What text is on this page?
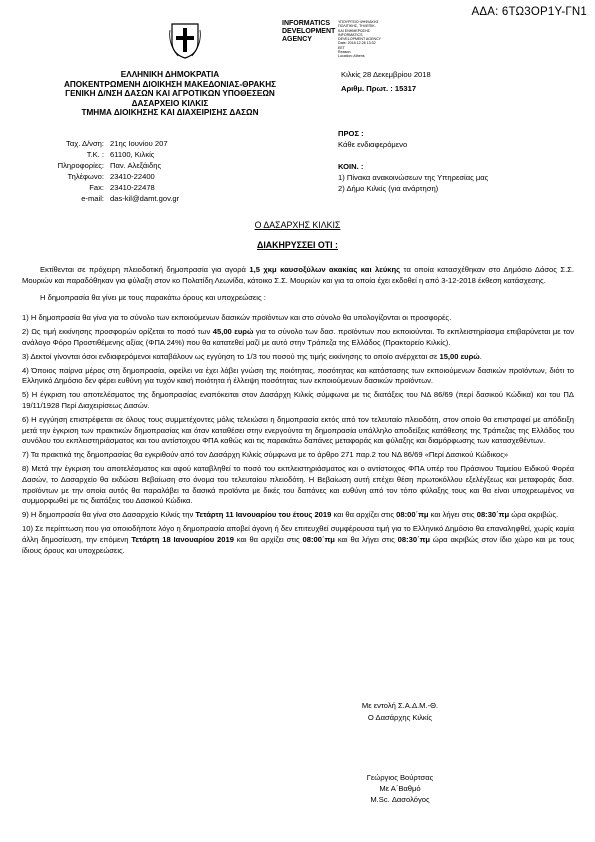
ΑΔΑ: 6ΤΩ3ΟΡ1Υ-ΓΝ1
INFORMATICS
DEVELOPMENT
AGENCY
ΥΠΟΥΡΓΕΙΟ ΨΗΦΙΑΚΗΣ
ΠΟΛΙΤΙΚΗΣ, ΤΗΛΕΠΙΚ.
ΚΑΙ ΕΝΗΜΕΡΩΣΗΣ
INFORMATICS
DEVELOPMENT AGENCY
Date: 2018.12.28 13:32
EET
Reason:
Location: Athens
ΕΛΛΗΝΙΚΗ ΔΗΜΟΚΡΑΤΙΑ
ΑΠΟΚΕΝΤΡΩΜΕΝΗ ΔΙΟΙΚΗΣΗ ΜΑΚΕΔΟΝΙΑΣ-ΘΡΑΚΗΣ
ΓΕΝΙΚΗ Δ/ΝΣΗ ΔΑΣΩΝ ΚΑΙ ΑΓΡΟΤΙΚΩΝ ΥΠΟΘΕΣΕΩΝ
ΔΑΣΑΡΧΕΙΟ ΚΙΛΚΙΣ
ΤΜΗΜΑ ΔΙΟΙΚΗΣΗΣ ΚΑΙ ΔΙΑΧΕΙΡΙΣΗΣ ΔΑΣΩΝ
Κιλκίς 28 Δεκεμβρίου 2018
Αριθμ. Πρωτ. : 15317
Ταχ. Δ/νση: 21ης Ιουνίου 207
Τ.Κ. : 61100, Κιλκίς
Πληροφορίες: Παν. Αλεξάιδης
Τηλέφωνο: 23410-22400
Fax: 23410-22478
e-mail: das-kil@damt.gov.gr
ΠΡΟΣ :
Κάθε ενδιαφερόμενο
ΚΟΙΝ. :
1) Πίνακα ανακοινώσεων της Υπηρεσίας μας
2) Δήμο Κιλκίς (για ανάρτηση)
Ο ΔΑΣΑΡΧΗΣ ΚΙΛΚΙΣ
ΔΙΑΚΗΡΥΣΣΕΙ ΟΤΙ :

Εκτίθενται σε πρόχειρη πλειοδοτική δημοπρασία για αγορά 1,5 χκμ καυσοξύλων ακακίας και λεύκης τα οποία κατασχέθηκαν στο Δημόσιο Δάσος Σ.Σ. Μουριών και παραδόθηκαν για φύλαξη στον κο Πολατίδη Λεωνίδα, κάτοικο Σ.Σ. Μουριών και για τα οποία έχει εκδοθεί η από 3-12-2018 έκθεση κατάσχεσης.

Η δημοπρασία θα γίνει με τους παρακάτω όρους και υποχρεώσεις :

1) Η δημοπρασία θα γίνα για το σύνολο των εκποιούμενων δασικών προϊόντων και στο σύνολο θα υπολογίζονται οι προσφορές.

2) Ως τιμή εκκίνησης προσφορών ορίζεται το ποσό των 45,00 ευρώ για το σύνολο των δασ. προϊόντων που εκποιούνται. Το εκπλειστηρίασμα επιβαρύνεται με τον ανάλογο Φόρο Προστιθέμενης αξίας (ΦΠΑ 24%) που θα κατατεθεί μαζί με αυτό στην Τράπεζα της Ελλάδος (Πρακτορείο Κιλκίς).

3) Δεκτοί γίνονται όσοι ενδιαφερόμενοι καταβάλουν ως εγγύηση το 1/3 του ποσού της τιμής εκκίνησης το οποίο ανέρχεται σε 15,00 ευρώ.

4) Όποιος παίρνα μέρος στη δημοπρασία, οφείλει να έχει λάβει γνώση της ποιότητας, ποσότητας και κατάστασης των εκποιούμενων δασικών προϊόντων, διότι το Ελληνικό Δημόσιο δεν φέρει ευθύνη για τυχόν κακή ποιότητα ή έλλειψη ποσότητας των εκποιούμενων δασικών προϊόντων.

5) Η έγκριση του αποτελέσματος της δημοπρασίας εναπόκειται στον Δασάρχη Κιλκίς σύμφωνα με τις διατάξεις του ΝΔ 86/69 (περί δασικού Κώδικα) και του ΠΔ 19/11/1928 Περί Διαχειρίσεως Δασών.

6) Η εγγύηση επιστρέφεται σε όλους τους συμμετέχοντες μόλις τελειώσει η δημοπρασία εκτός από τον τελευταίο πλειοδότη, στον οποίο θα επιστραφεί με απόδειξη μετά την έγκριση των πρακτικών δημοπρασίας και όταν καταθέσει στην ενεργούντα τη δημοπρασία υπάλληλο αποδείξεις κατάθεσης της Τράπεζας της Ελλάδος του συνόλου του εκπλειστηριάσματος και του αντίστοιχου ΦΠΑ καθώς και τις παρακάτω δαπάνες μεταφοράς και φύλαξης και διαμόρφωσης των κατασχεθέντων.

7) Τα πρακτικά της δημοπρασίας θα εγκριθούν από τον Δασάρχη Κιλκίς σύμφωνα με το άρθρο 271 παρ.2 του ΝΔ 86/69 «Περί Δασικού Κώδικος»

8) Μετά την έγκριση του αποτελέσματος και αφού καταβληθεί το ποσό του εκπλειστηριάσματος και ο αντίστοιχος ΦΠΑ υπέρ του Πράσινου Ταμείου Ειδικού Φορέα Δασών, το Δασαρχείο θα εκδώσει Βεβαίωση στο όνομα του τελευταίου πλειοδότη. Η Βεβαίωση αυτή επέχει θέση πρωτοκόλλου εξελέγξεως και μεταφοράς δασ. προϊόντων με την οποία αυτός θα παραλάβει τα δασικά προϊόντα με δικές του δαπάνες και ευθύνη από τον τόπο φύλαξης τους και θα είναι υποχρεωμένος να συμμορφωθεί με τις διατάξεις του Δασικού Κώδικα.

9) Η δημοπρασία θα γίνα στο Δασαρχείο Κιλκίς την Τετάρτη 11 Ιανουαρίου του έτους 2019 και θα αρχίζει στις 08:00΄πμ και λήγει στις 08:30΄πμ ώρα ακριβώς.

10) Σε περίπτωση που για οποιοδήποτε λόγο η δημοπρασία αποβεί άγονη ή δεν επιτευχθεί συμφέρουσα τιμή για το Ελληνικό Δημόσιο θα επαναληφθεί, χωρίς καμία άλλη δημοσίευση, την επόμενη Τετάρτη 18 Ιανουαρίου 2019 και θα αρχίζει στις 08:00΄πμ και θα λήγει στις 08:30΄πμ ώρα ακριβώς στον ίδιο χώρο και με τους ίδιους όρους και υποχρεώσεις.

Με εντολή Σ.Α.Δ.Μ.-Θ.
Ο Δασάρχης Κιλκίς
Γεώργιος Βούρτσας
Με Α΄Βαθμό
M.Sc. Δασολόγος
